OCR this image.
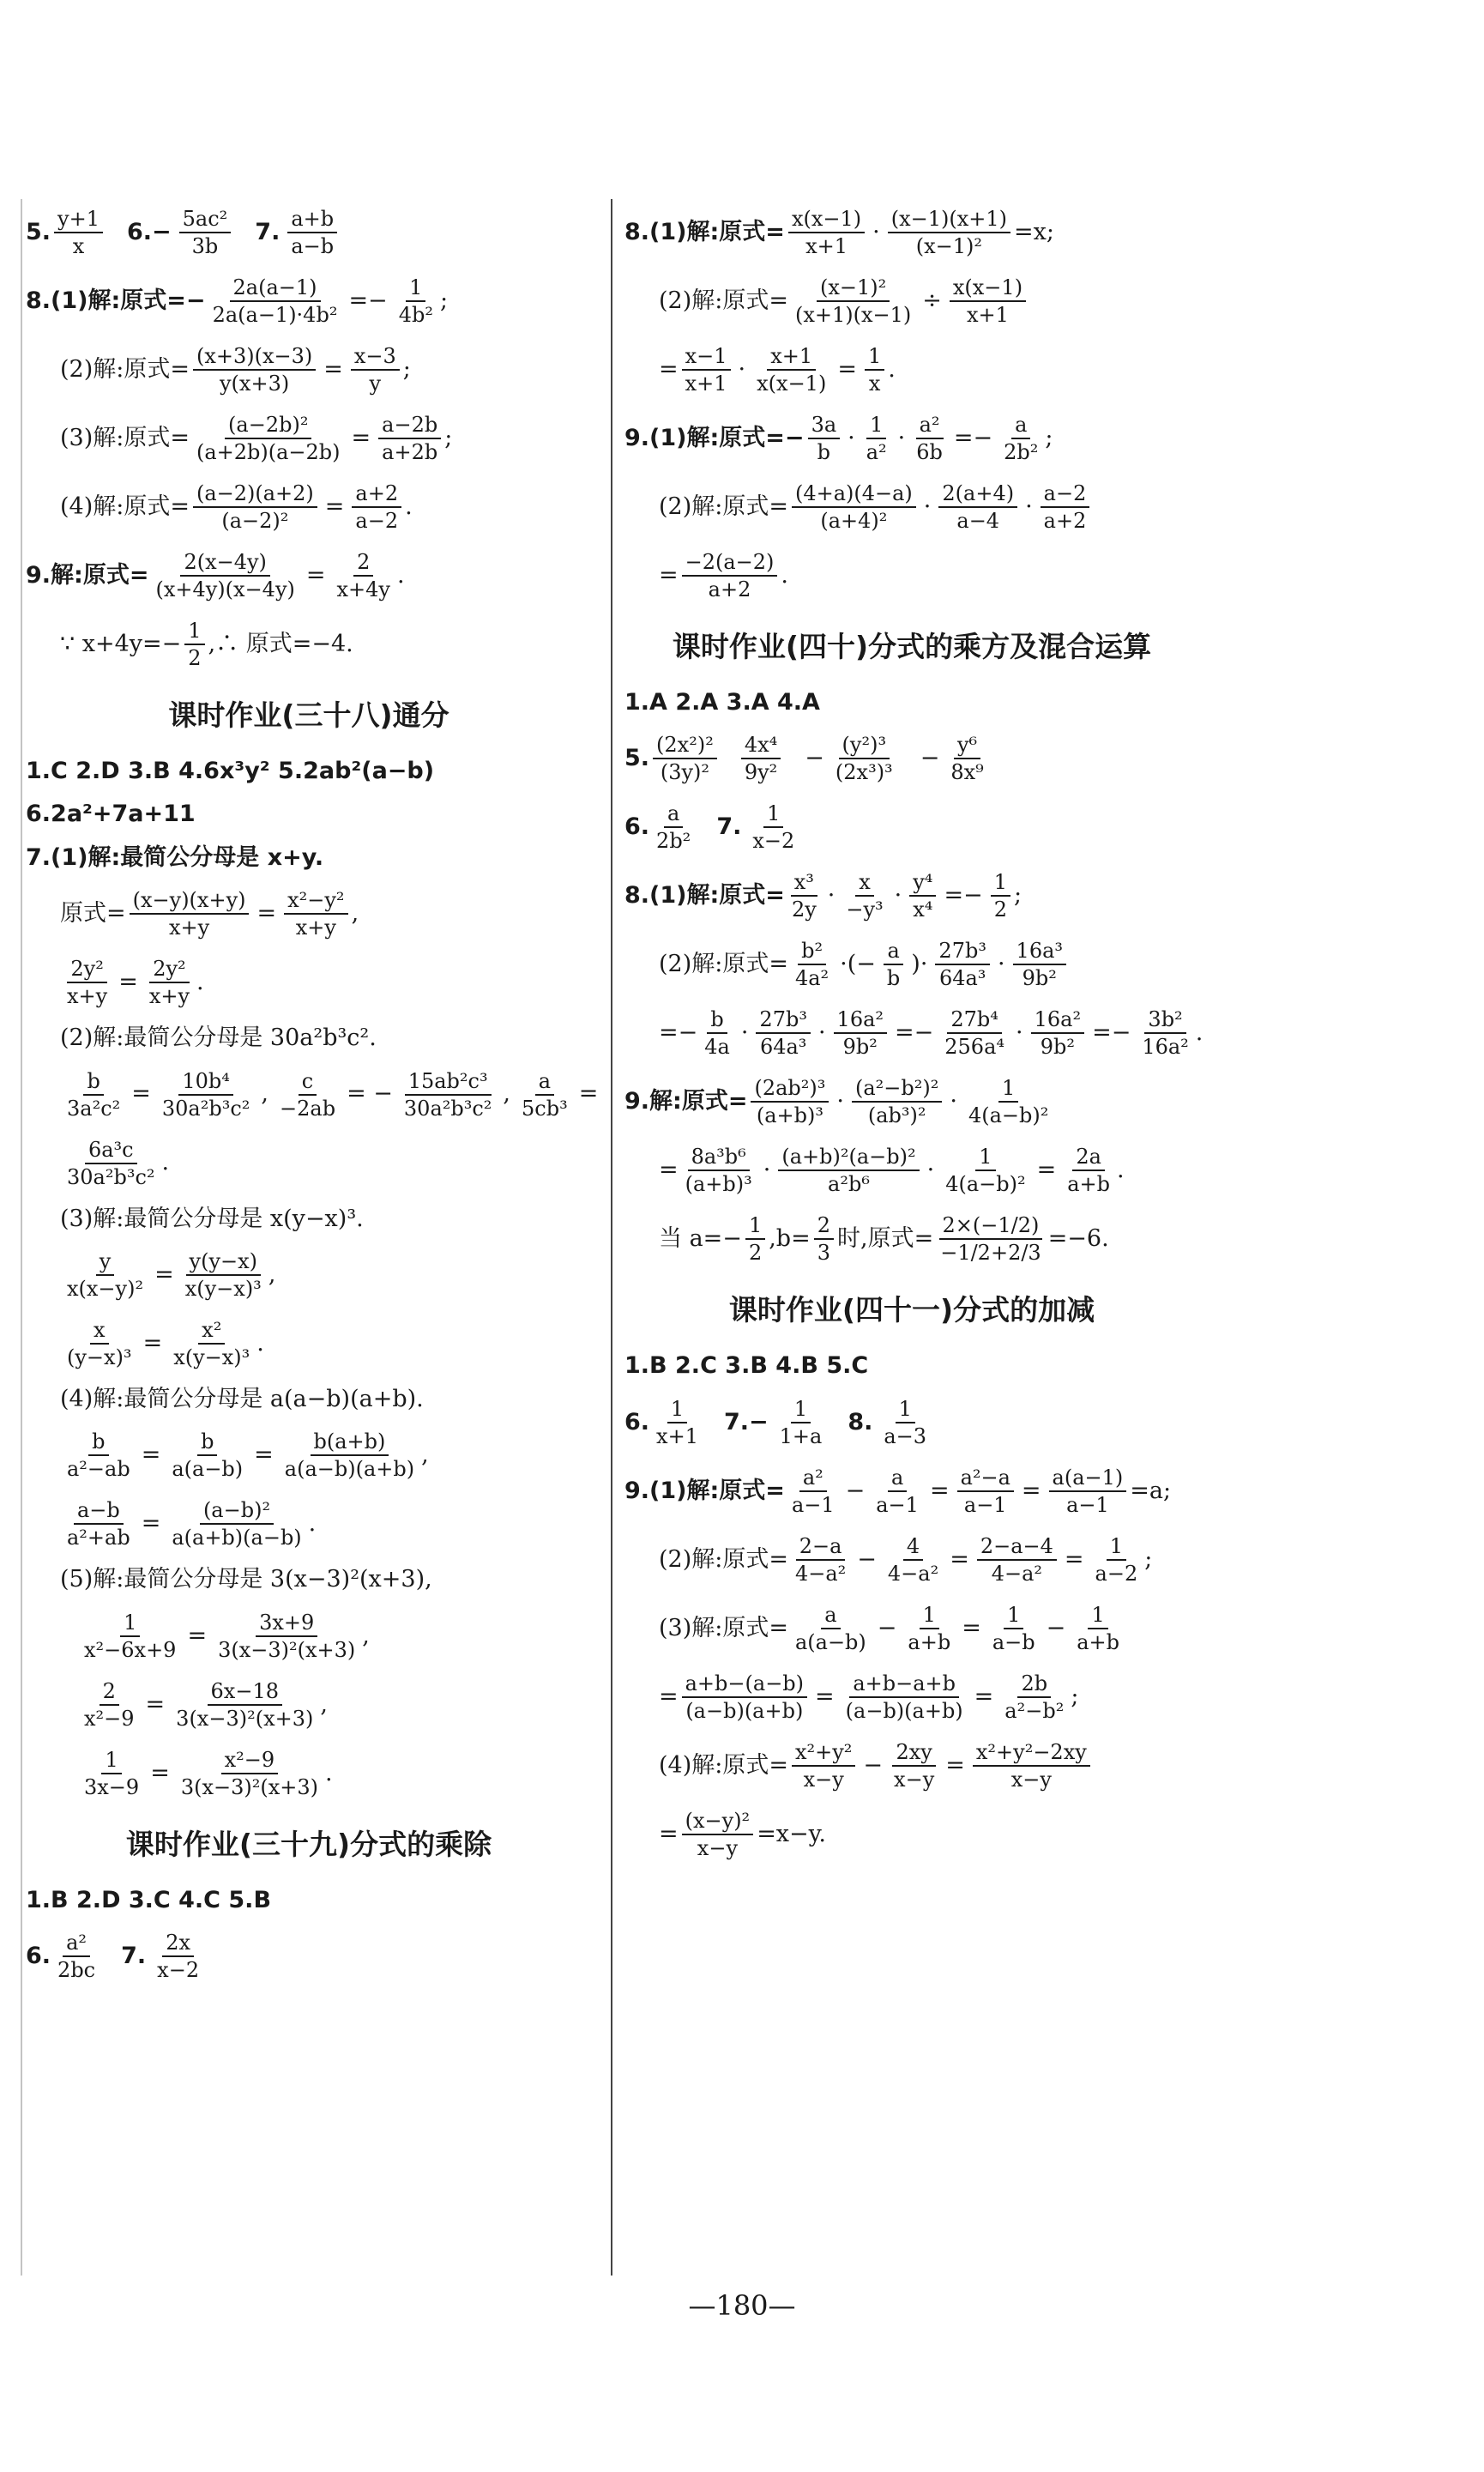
5. $\frac{y+1}{x} 6.- \frac{\text{5ac²}}{3b} 7$. $\frac{a+b}{a-b}$
8.(1)解:原式=− $\frac{2a(a-1)}{\text{2a(a−1)·4b²}} =- \frac{1}{\text{4b²}}$ ;
(2)解:原式= $\frac{(x+3)(x-3)}{y(x+3)} = \frac{x-3}{y}$ ;
(3)解:原式= $\frac{\text{(a−2b)²}}{(a+2b)(a-2b)} = \frac{a-2b}{a+2b}$ ;
(4)解:原式= $\frac{(a-2)(a+2)}{\text{(a−2)²}} = \frac{a+2}{a-2}$ .
9.解:原式= $\frac{2(x-4y)}{(x+4y)(x-4y)} = \frac{2}{x+4y}$ .
∵ $x+4y=- \frac{1}{2}$ ,∴ 原式=−4.
课时作业(三十八)通分
1.C 2.D 3.B 4.6x³y² 5.2ab²(a−b)
6.2a²+7a+11
7.(1)解:最简公分母是 x+y.
原式= $\frac{(x-y)(x+y)}{x+y} = \frac{\text{x²−y²}}{x+y}$ ,
$\frac{\text{2y²}}{x+y} = \frac{\text{2y²}}{x+y}$ .
(2)解:最简公分母是 30a²b³c².
$\frac{b}{\text{3a²c²}} = \frac{\text{10b⁴}}{\text{30a²b³c²}}$ , $\frac{c}{-2ab}$ = − $\frac{\text{15ab²c³}}{\text{30a²b³c²}}$ , $\frac{a}{\text{5cb³}}$ =
$\frac{\text{6a³c}}{\text{30a²b³c²}}$ .
(3)解:最简公分母是 x(y−x)³.
$\frac{y}{\text{x(x−y)²}} = \frac{y(y-x)}{\text{x(y−x)³}}$ ,
$\frac{x}{\text{(y−x)³}} = \frac{\text{x²}}{\text{x(y−x)³}}$ .
(4)解:最简公分母是 a(a−b)(a+b).
$\frac{b}{\text{a²−ab}} = \frac{b}{a(a-b)} = \frac{b(a+b)}{a(a-b)(a+b)}$ ,
$\frac{a-b}{\text{a²+ab}} = \frac{\text{(a−b)²}}{a(a+b)(a-b)}$ .
(5)解:最简公分母是 3(x−3)²(x+3),
$\frac{1}{\text{x²−6x+9}} = \frac{3x+9}{\text{3(x−3)²(x+3)}}$ ,
$\frac{2}{\text{x²−9}} = \frac{6x-18}{\text{3(x−3)²(x+3)}}$ ,
$\frac{1}{3x-9} = \frac{\text{x²−9}}{\text{3(x−3)²(x+3)}}$ .
课时作业(三十九)分式的乘除
1.B 2.D 3.C 4.C 5.B
6. $\frac{\text{a²}}{2bc} 7$. $\frac{2x}{x-2}$
8.(1)解:原式= $\frac{x(x-1)}{x+1} \cdot \frac{(x-1)(x+1)}{\text{(x−1)²}} =x$;
(2)解:原式= $\frac{\text{(x−1)²}}{(x+1)(x-1)} \div \frac{x(x-1)}{x+1}$
= $\frac{x-1}{x+1} \cdot \frac{x+1}{x(x-1)} = \frac{1}{x}$ .
9.(1)解:原式=− $\frac{3a}{b} \cdot \frac{1}{\text{a²}} \cdot \frac{\text{a²}}{6b} =- \frac{a}{\text{2b²}}$ ;
(2)解:原式= $\frac{(4+a)(4-a)}{\text{(a+4)²}} \cdot \frac{2(a+4)}{a-4} \cdot \frac{a-2}{a+2}$
= $\frac{-2(a-2)}{a+2}$ .
课时作业(四十)分式的乘方及混合运算
1.A 2.A 3.A 4.A
5. $\frac{\text{(2x²)²}}{\text{(3y)²}} \frac{\text{4x⁴}}{\text{9y²}} - \frac{\text{(y²)³}}{\text{(2x³)³}} - \frac{\text{y⁶}}{\text{8x⁹}}$
6. $\frac{a}{\text{2b²}} 7$. $\frac{1}{x-2}$
8.(1)解:原式= $\frac{\text{x³}}{2y} \cdot \frac{x}{\text{−y³}} \cdot \frac{\text{y⁴}}{\text{x⁴}} =- \frac{1}{2}$ ;
(2)解:原式= $\frac{\text{b²}}{\text{4a²}}$ ·(− $\frac{a}{b}$ )· $\frac{\text{27b³}}{\text{64a³}} \cdot \frac{\text{16a³}}{\text{9b²}}$
=− $\frac{b}{4a} \cdot \frac{\text{27b³}}{\text{64a³}} \cdot \frac{\text{16a²}}{\text{9b²}} =- \frac{\text{27b⁴}}{\text{256a⁴}} \cdot \frac{\text{16a²}}{\text{9b²}} =- \frac{\text{3b²}}{\text{16a²}}$ .
9.解:原式= $\frac{\text{(2ab²)³}}{\text{(a+b)³}} \cdot \frac{\text{(a²−b²)²}}{\text{(ab³)²}} \cdot \frac{1}{\text{4(a−b)²}}$
= $\frac{\text{8a³b⁶}}{\text{(a+b)³}} \cdot \frac{\text{(a+b)²(a−b)²}}{\text{a²b⁶}} \cdot \frac{1}{\text{4(a−b)²}} = \frac{2a}{a+b}$ .
当 $a=- \frac{1}{2} ,b= \frac{2}{3}$ 时,原式= $\frac{2\times(-1/2)}{-1/2+2/3} =-6$.
课时作业(四十一)分式的加减
1.B 2.C 3.B 4.B 5.C
6. $\frac{1}{x+1} 7.- \frac{1}{1+a} 8$. $\frac{1}{a-3}$
9.(1)解:原式= $\frac{\text{a²}}{a-1} - \frac{a}{a-1} = \frac{\text{a²−a}}{a-1} = \frac{a(a-1)}{a-1} =a$;
(2)解:原式= $\frac{2-a}{\text{4−a²}} - \frac{4}{\text{4−a²}} = \frac{2-a-4}{\text{4−a²}} = \frac{1}{a-2}$ ;
(3)解:原式= $\frac{a}{a(a-b)} - \frac{1}{a+b} = \frac{1}{a-b} - \frac{1}{a+b}$
= $\frac{a+b-(a-b)}{(a-b)(a+b)} = \frac{a+b-a+b}{(a-b)(a+b)} = \frac{2b}{\text{a²−b²}}$ ;
(4)解:原式= $\frac{\text{x²+y²}}{x-y} - \frac{2xy}{x-y} = \frac{\text{x²+y²−2xy}}{x-y}$
= $\frac{\text{(x−y)²}}{x-y} =x-y$.
—180—
